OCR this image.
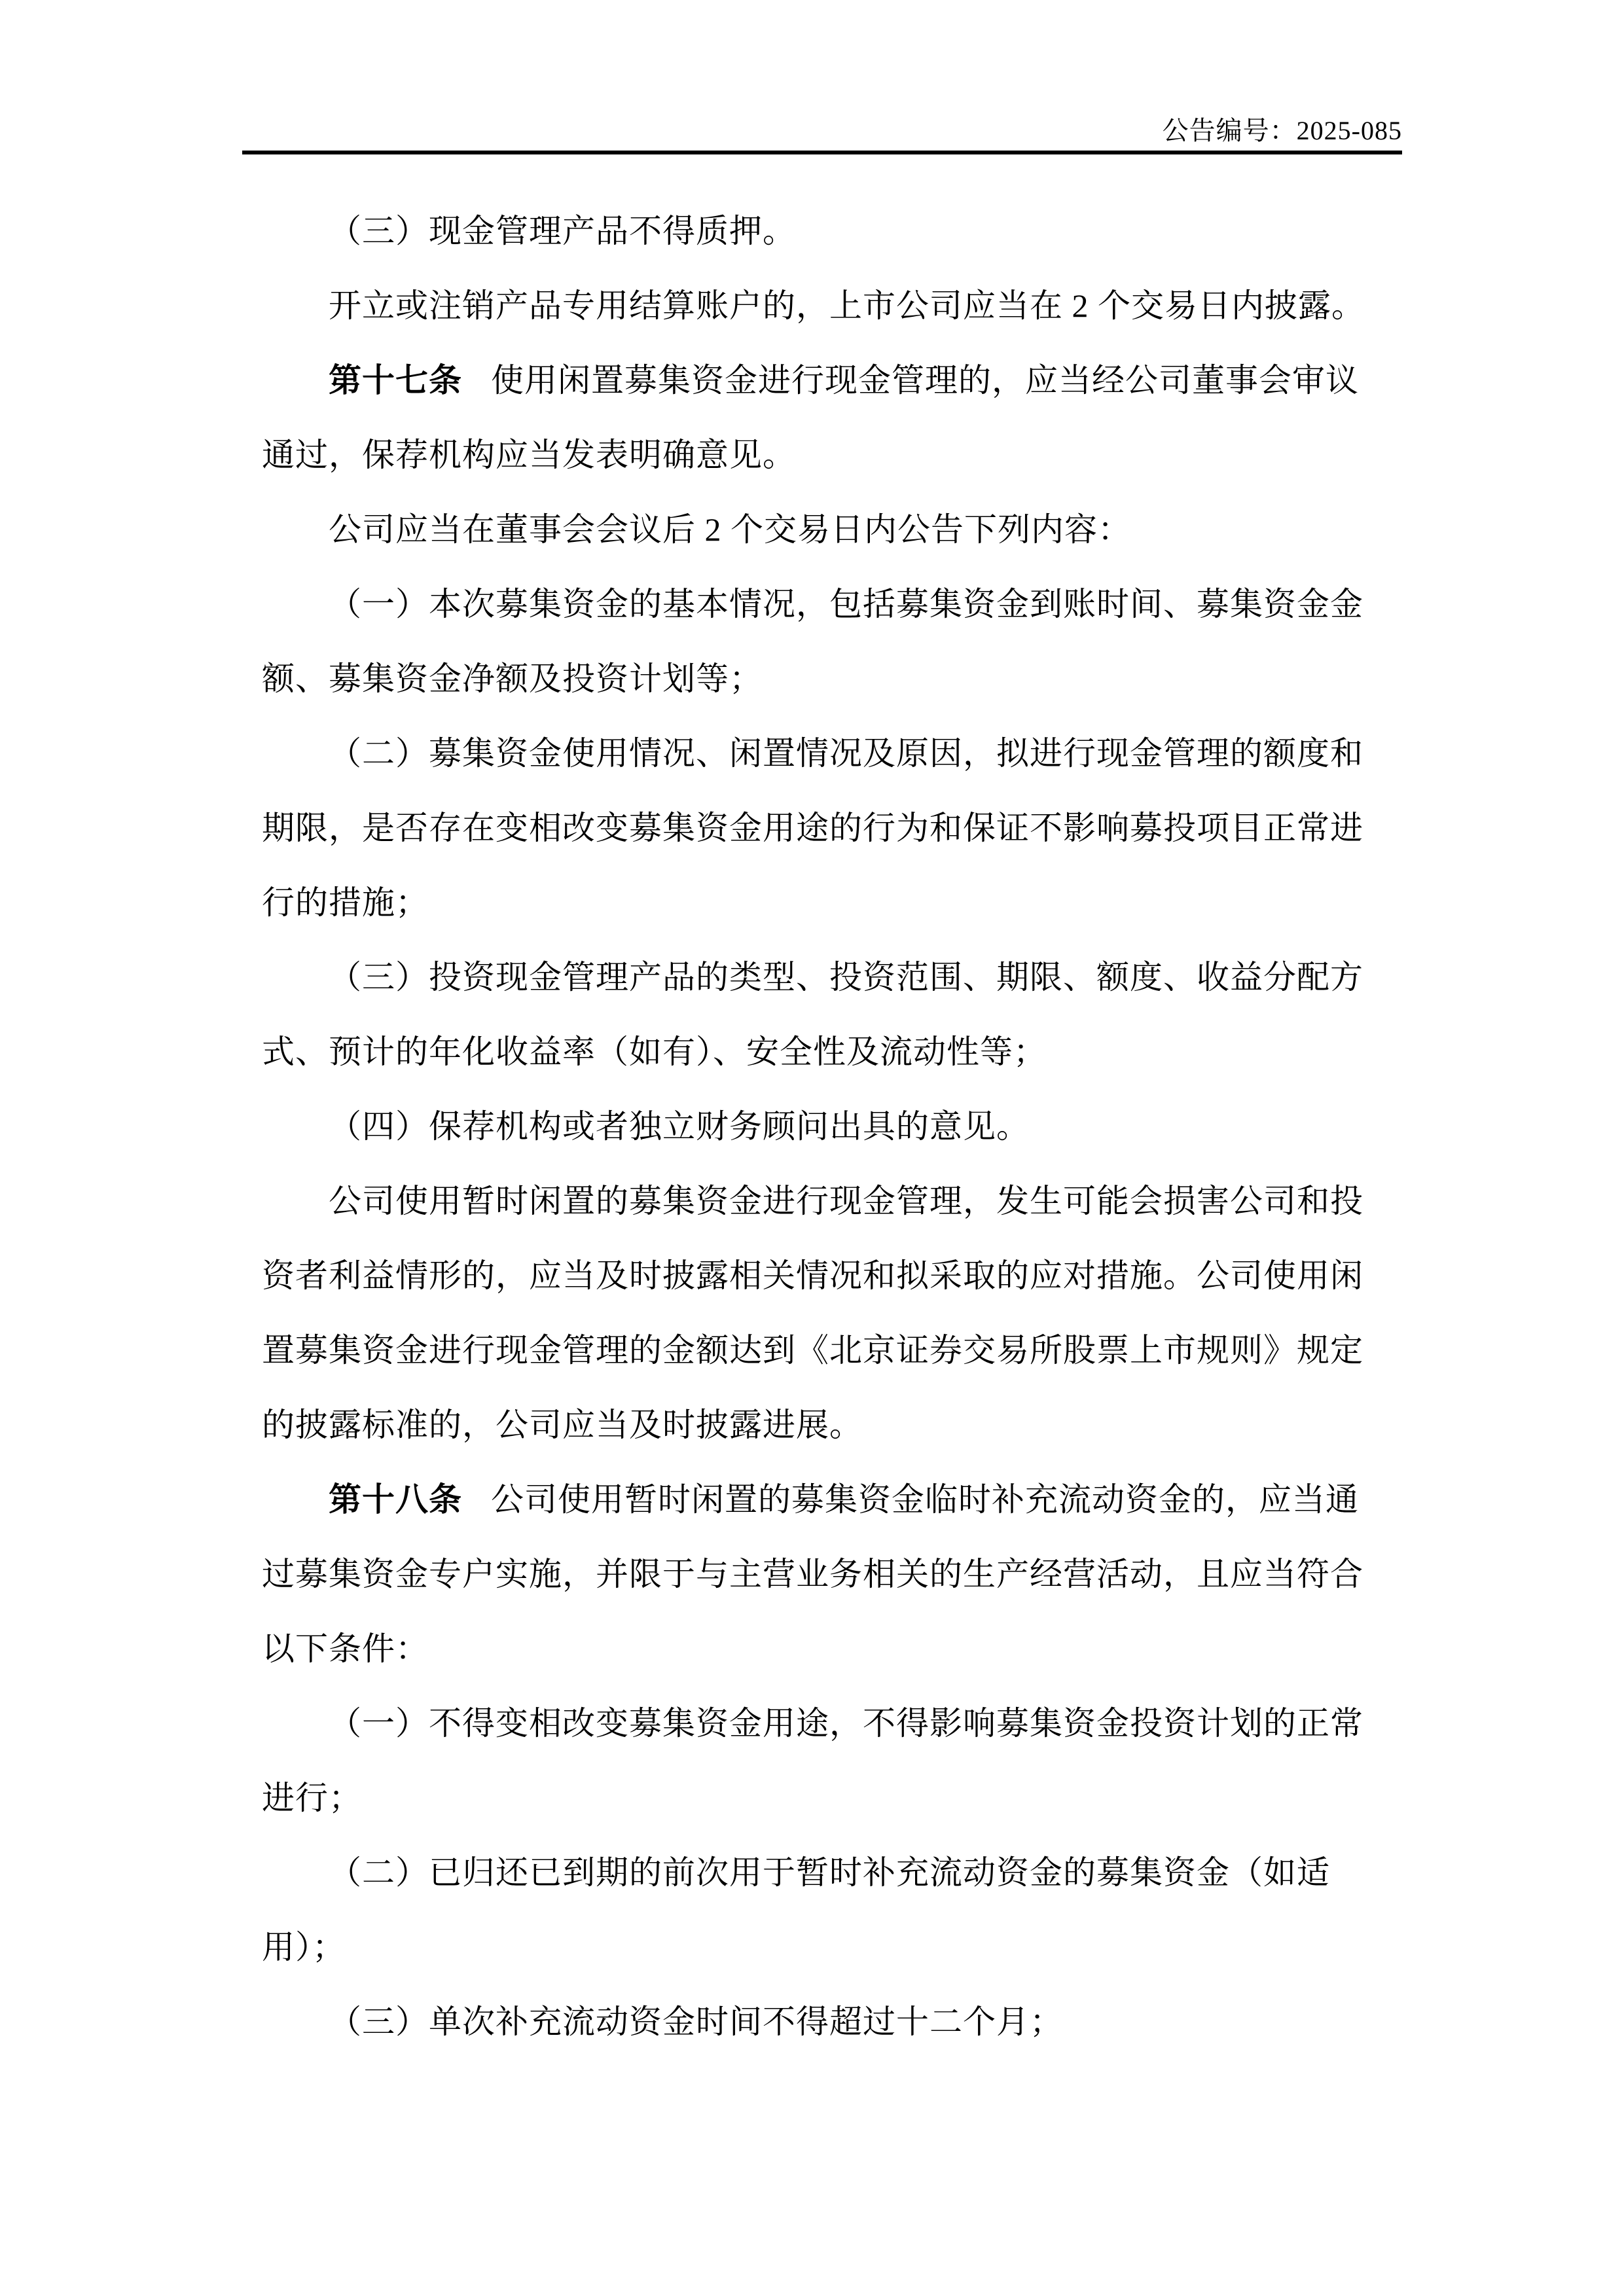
公告编号：2025-085
（三）现金管理产品不得质押。
开立或注销产品专用结算账户的，上市公司应当在 2 个交易日内披露。
第十七条 使用闲置募集资金进行现金管理的，应当经公司董事会审议
通过，保荐机构应当发表明确意见。
公司应当在董事会会议后 2 个交易日内公告下列内容：
（一）本次募集资金的基本情况，包括募集资金到账时间、募集资金金
额、募集资金净额及投资计划等；
（二）募集资金使用情况、闲置情况及原因，拟进行现金管理的额度和
期限，是否存在变相改变募集资金用途的行为和保证不影响募投项目正常进
行的措施；
（三）投资现金管理产品的类型、投资范围、期限、额度、收益分配方
式、预计的年化收益率（如有）、安全性及流动性等；
（四）保荐机构或者独立财务顾问出具的意见。
公司使用暂时闲置的募集资金进行现金管理，发生可能会损害公司和投
资者利益情形的，应当及时披露相关情况和拟采取的应对措施。公司使用闲
置募集资金进行现金管理的金额达到《北京证券交易所股票上市规则》规定
的披露标准的，公司应当及时披露进展。
第十八条 公司使用暂时闲置的募集资金临时补充流动资金的，应当通
过募集资金专户实施，并限于与主营业务相关的生产经营活动，且应当符合
以下条件：
（一）不得变相改变募集资金用途，不得影响募集资金投资计划的正常
进行；
（二）已归还已到期的前次用于暂时补充流动资金的募集资金（如适
用）；
（三）单次补充流动资金时间不得超过十二个月；
